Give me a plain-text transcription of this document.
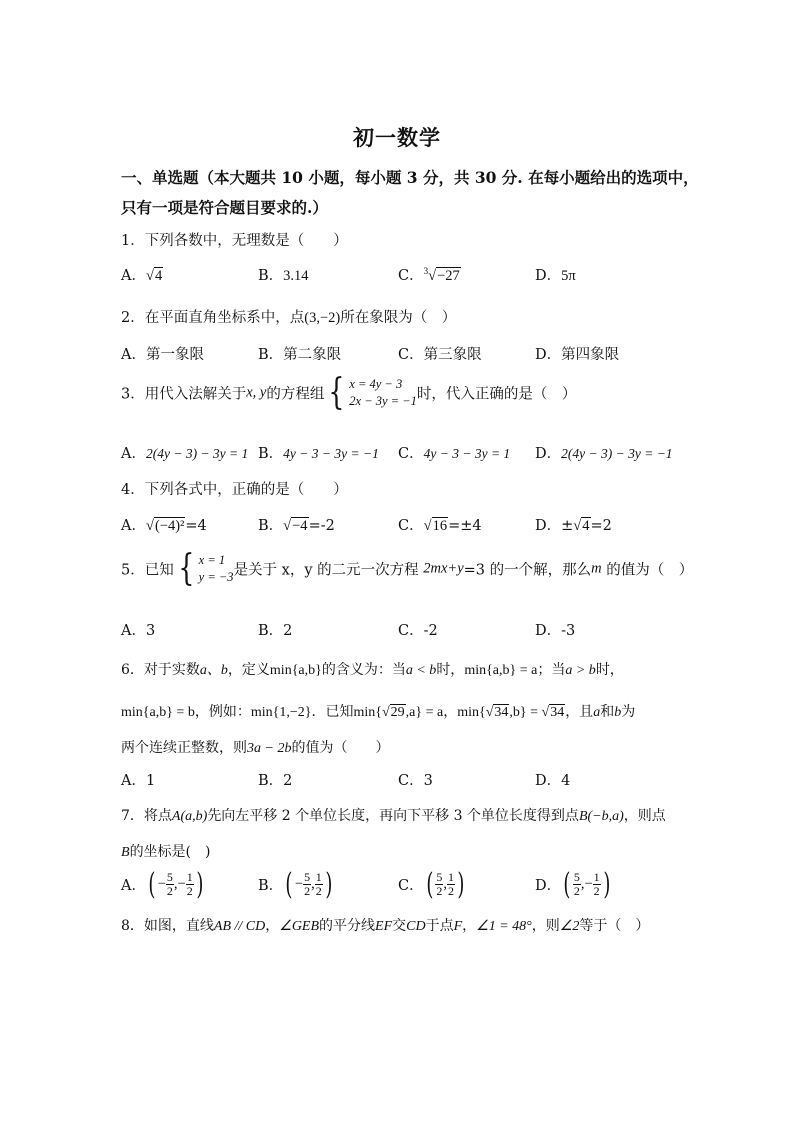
初一数学
一、单选题（本大题共 10 小题，每小题 3 分，共 30 分. 在每小题给出的选项中，
只有一项是符合题目要求的.）
1．下列各数中，无理数是（　　）
A．√4	B．3.14	C．$^3$√−27	D．5π
2．在平面直角坐标系中，点(3,−2)所在象限为（　）
A．第一象限	B．第二象限	C．第三象限	D．第四象限
3．用代入法解关于x, y的方程组 { x = 4y − 3
2x − 3y = −1 时，代入正确的是（　）
A．2(4y − 3) − 3y = 1 B．4y − 3 − 3y = −1 C．4y − 3 − 3y = 1 D．2(4y − 3) − 3y = −1
4．下列各式中，正确的是（　　）
A．√(−4)²=4	B．√−4=-2	C．√16=±4	D．±√4=2
5．已知 { x = 1
y = −3 是关于 x，y 的二元一次方程 2mx+y=3 的一个解，那么m 的值为（　）
A．3	B．2	C．-2	D．-3
6．对于实数a、b，定义min{a,b}的含义为：当a < b时，min{a,b} = a；当a > b时，
min{a,b} = b，例如：min{1,−2}．已知min{√29,a} = a，min{√34,b} = √34，且a和b为
两个连续正整数，则3a − 2b的值为（　　）
A．1	B．2	C．3	D．4
7．将点A(a,b)先向左平移 2 个单位长度，再向下平移 3 个单位长度得到点B(−b,a)，则点
B的坐标是(　)
A． ( − $\frac{5}{2}$ ,− $\frac{1}{2}$ )	B． ( − $\frac{5}{2}$ , $\frac{1}{2}$ )	C． ( $\frac{5}{2}$ , $\frac{1}{2}$ )	D． ( $\frac{5}{2}$ ,− $\frac{1}{2}$ )
8．如图，直线AB // CD，∠GEB的平分线EF交CD于点F，∠1 = 48°，则∠2等于（　）
